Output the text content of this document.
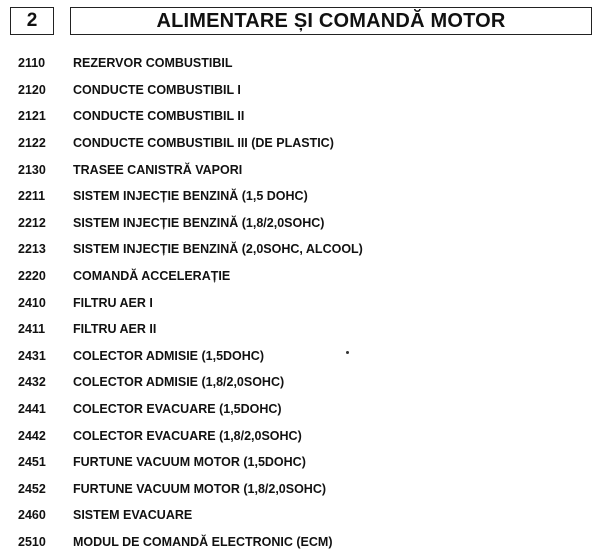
2	ALIMENTARE ȘI COMANDĂ MOTOR
2110	REZERVOR COMBUSTIBIL
2120	CONDUCTE COMBUSTIBIL I
2121	CONDUCTE COMBUSTIBIL II
2122	CONDUCTE COMBUSTIBIL III (DE PLASTIC)
2130	TRASEE CANISTRĂ VAPORI
2211	SISTEM INJECȚIE BENZINĂ (1,5 DOHC)
2212	SISTEM INJECȚIE BENZINĂ (1,8/2,0SOHC)
2213	SISTEM INJECȚIE BENZINĂ (2,0SOHC, ALCOOL)
2220	COMANDĂ ACCELERAȚIE
2410	FILTRU AER I
2411	FILTRU AER II
2431	COLECTOR ADMISIE (1,5DOHC)
2432	COLECTOR ADMISIE (1,8/2,0SOHC)
2441	COLECTOR EVACUARE (1,5DOHC)
2442	COLECTOR EVACUARE (1,8/2,0SOHC)
2451	FURTUNE VACUUM MOTOR (1,5DOHC)
2452	FURTUNE VACUUM MOTOR (1,8/2,0SOHC)
2460	SISTEM EVACUARE
2510	MODUL DE COMANDĂ ELECTRONIC (ECM)
